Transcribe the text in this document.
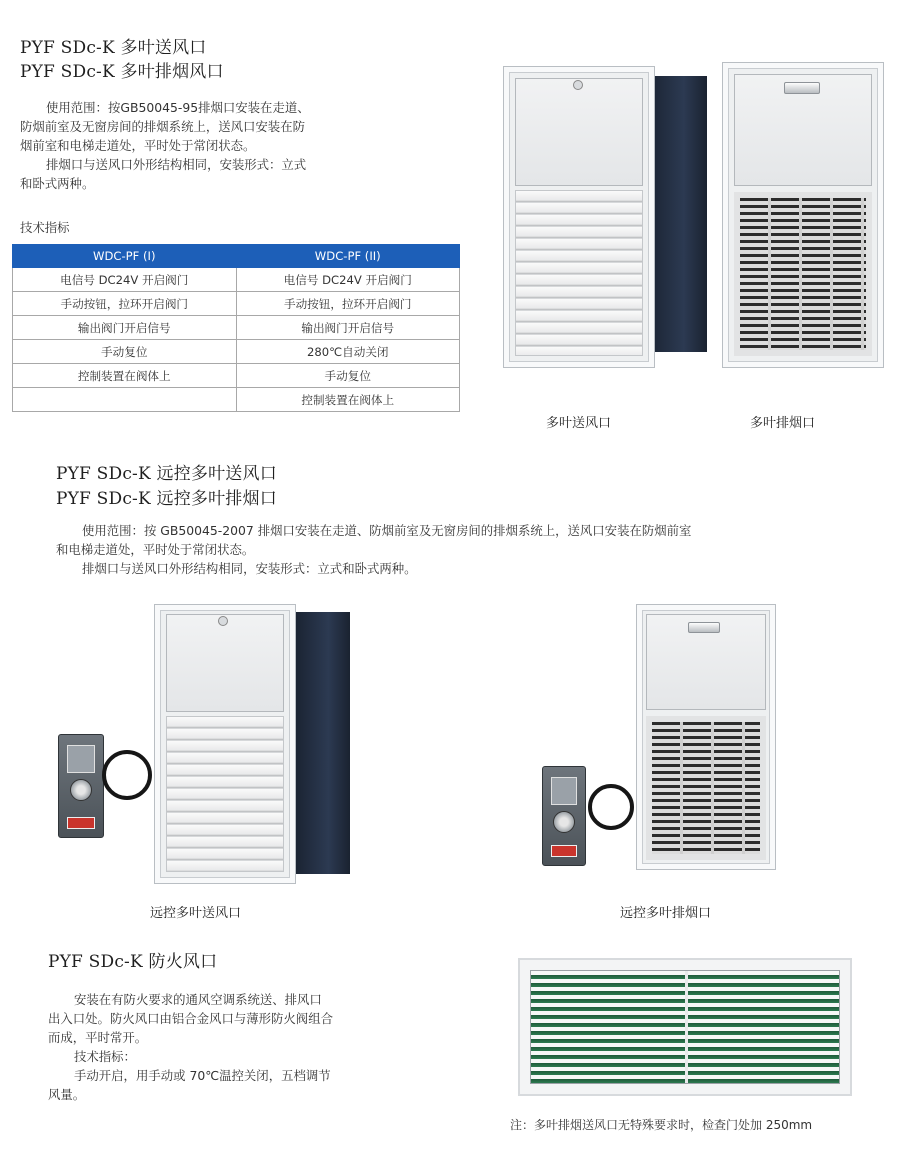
PYF SDc-K 多叶送风口
PYF SDc-K 多叶排烟风口

使用范围：按GB50045-95排烟口安装在走道、

防烟前室及无窗房间的排烟系统上，送风口安装在防

烟前室和电梯走道处，平时处于常闭状态。

排烟口与送风口外形结构相同，安装形式：立式

和卧式两种。

技术指标
WDC-PF (I)	WDC-PF (II)
电信号 DC24V 开启阀门	电信号 DC24V 开启阀门
手动按钮，拉环开启阀门	手动按钮，拉环开启阀门
输出阀门开启信号	输出阀门开启信号
手动复位	280℃自动关闭
控制装置在阀体上	手动复位
	控制装置在阀体上
多叶送风口	多叶排烟口
PYF SDc-K 远控多叶送风口
PYF SDc-K 远控多叶排烟口

使用范围：按 GB50045-2007 排烟口安装在走道、防烟前室及无窗房间的排烟系统上，送风口安装在防烟前室

和电梯走道处，平时处于常闭状态。

排烟口与送风口外形结构相同，安装形式：立式和卧式两种。

远控多叶送风口	远控多叶排烟口
PYF SDc-K 防火风口

安装在有防火要求的通风空调系统送、排风口

出入口处。防火风口由铝合金风口与薄形防火阀组合

而成，平时常开。

技术指标：

手动开启，用手动或 70℃温控关闭，五档调节

风量。

注：多叶排烟送风口无特殊要求时，检查门处加 250mm
